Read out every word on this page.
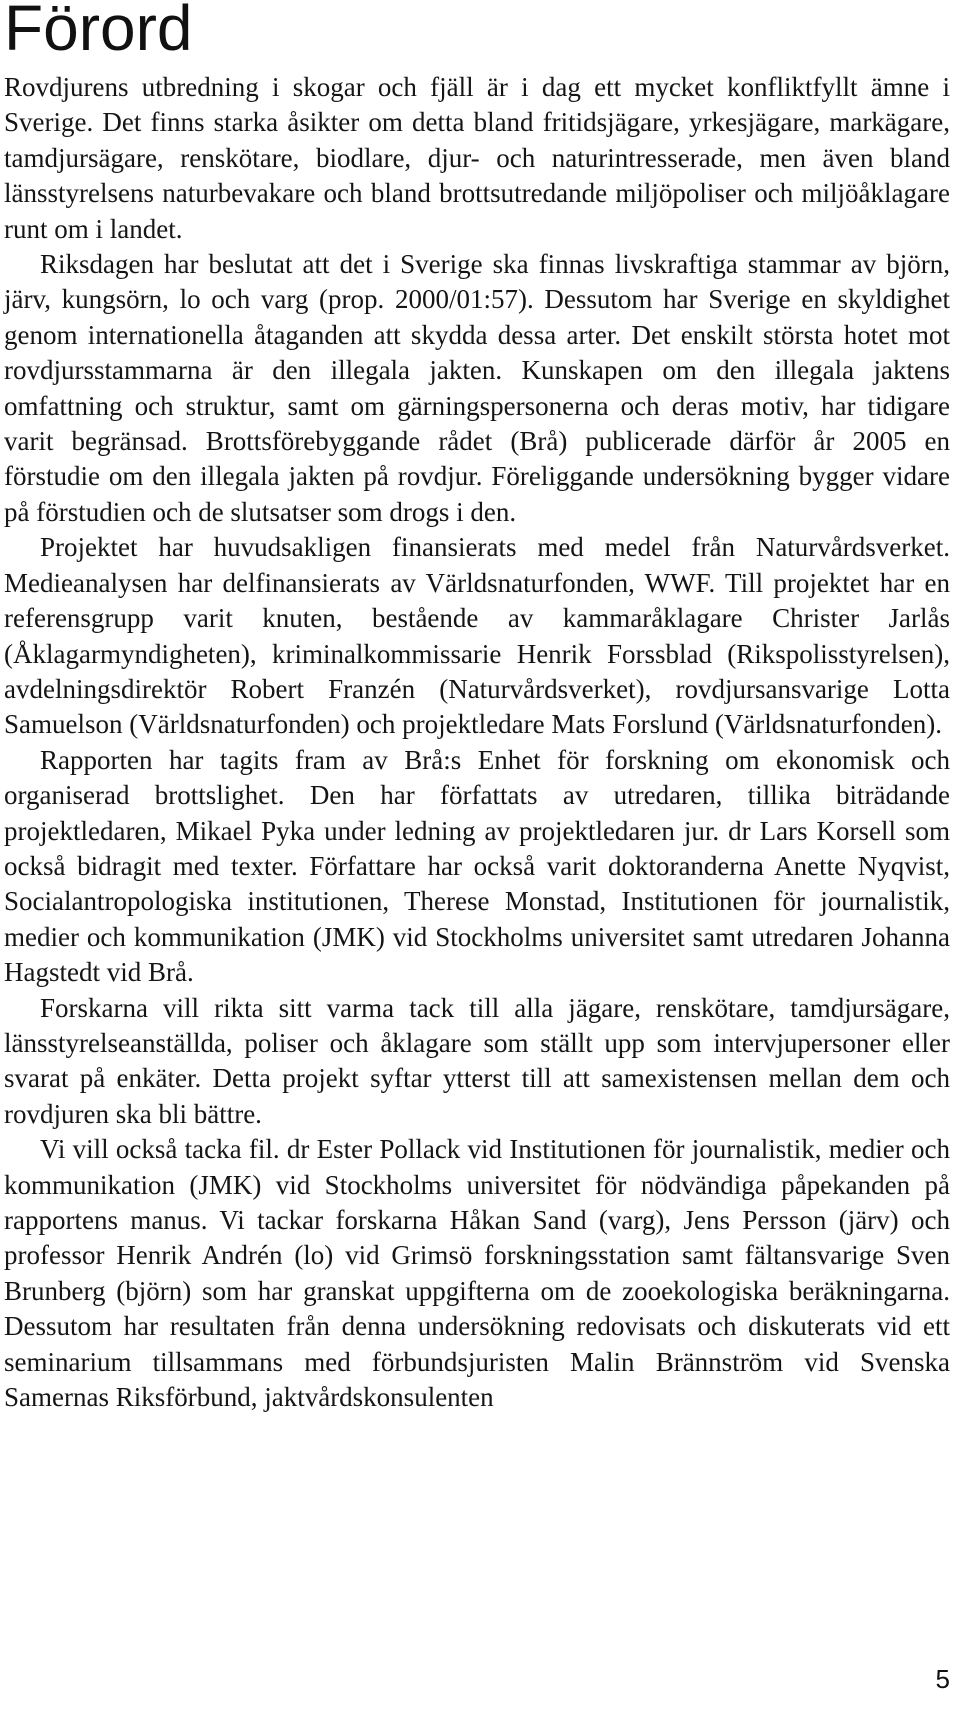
Förord

Rovdjurens utbredning i skogar och fjäll är i dag ett mycket konfliktfyllt ämne i Sverige. Det finns starka åsikter om detta bland fritidsjägare, yrkesjägare, markägare, tamdjursägare, renskötare, biodlare, djur- och naturintresserade, men även bland länsstyrelsens naturbevakare och bland brottsutredande miljöpoliser och miljöåklagare runt om i landet.

Riksdagen har beslutat att det i Sverige ska finnas livskraftiga stammar av björn, järv, kungsörn, lo och varg (prop. 2000/01:57). Dessutom har Sverige en skyldighet genom internationella åtaganden att skydda dessa arter. Det enskilt största hotet mot rovdjursstammarna är den illegala jakten. Kunskapen om den illegala jaktens omfattning och struktur, samt om gärningspersonerna och deras motiv, har tidigare varit begränsad. Brottsförebyggande rådet (Brå) publicerade därför år 2005 en förstudie om den illegala jakten på rovdjur. Föreliggande undersökning bygger vidare på förstudien och de slutsatser som drogs i den.

Projektet har huvudsakligen finansierats med medel från Naturvårdsverket. Medieanalysen har delfinansierats av Världsnaturfonden, WWF. Till projektet har en referensgrupp varit knuten, bestående av kammaråklagare Christer Jarlås (Åklagarmyndigheten), kriminalkommissarie Henrik Forssblad (Rikspolisstyrelsen), avdelningsdirektör Robert Franzén (Naturvårdsverket), rovdjursansvarige Lotta Samuelson (Världsnaturfonden) och projektledare Mats Forslund (Världsnaturfonden).

Rapporten har tagits fram av Brå:s Enhet för forskning om ekonomisk och organiserad brottslighet. Den har författats av utredaren, tillika biträdande projektledaren, Mikael Pyka under ledning av projektledaren jur. dr Lars Korsell som också bidragit med texter. Författare har också varit doktoranderna Anette Nyqvist, Socialantropologiska institutionen, Therese Monstad, Institutionen för journalistik, medier och kommunikation (JMK) vid Stockholms universitet samt utredaren Johanna Hagstedt vid Brå.

Forskarna vill rikta sitt varma tack till alla jägare, renskötare, tamdjursägare, länsstyrelseanställda, poliser och åklagare som ställt upp som intervjupersoner eller svarat på enkäter. Detta projekt syftar ytterst till att samexistensen mellan dem och rovdjuren ska bli bättre.

Vi vill också tacka fil. dr Ester Pollack vid Institutionen för journalistik, medier och kommunikation (JMK) vid Stockholms universitet för nödvändiga påpekanden på rapportens manus. Vi tackar forskarna Håkan Sand (varg), Jens Persson (järv) och professor Henrik Andrén (lo) vid Grimsö forskningsstation samt fältansvarige Sven Brunberg (björn) som har granskat uppgifterna om de zooekologiska beräkningarna. Dessutom har resultaten från denna undersökning redovisats och diskuterats vid ett seminarium tillsammans med förbundsjuristen Malin Brännström vid Svenska Samernas Riksförbund, jaktvårdskonsulenten

5
